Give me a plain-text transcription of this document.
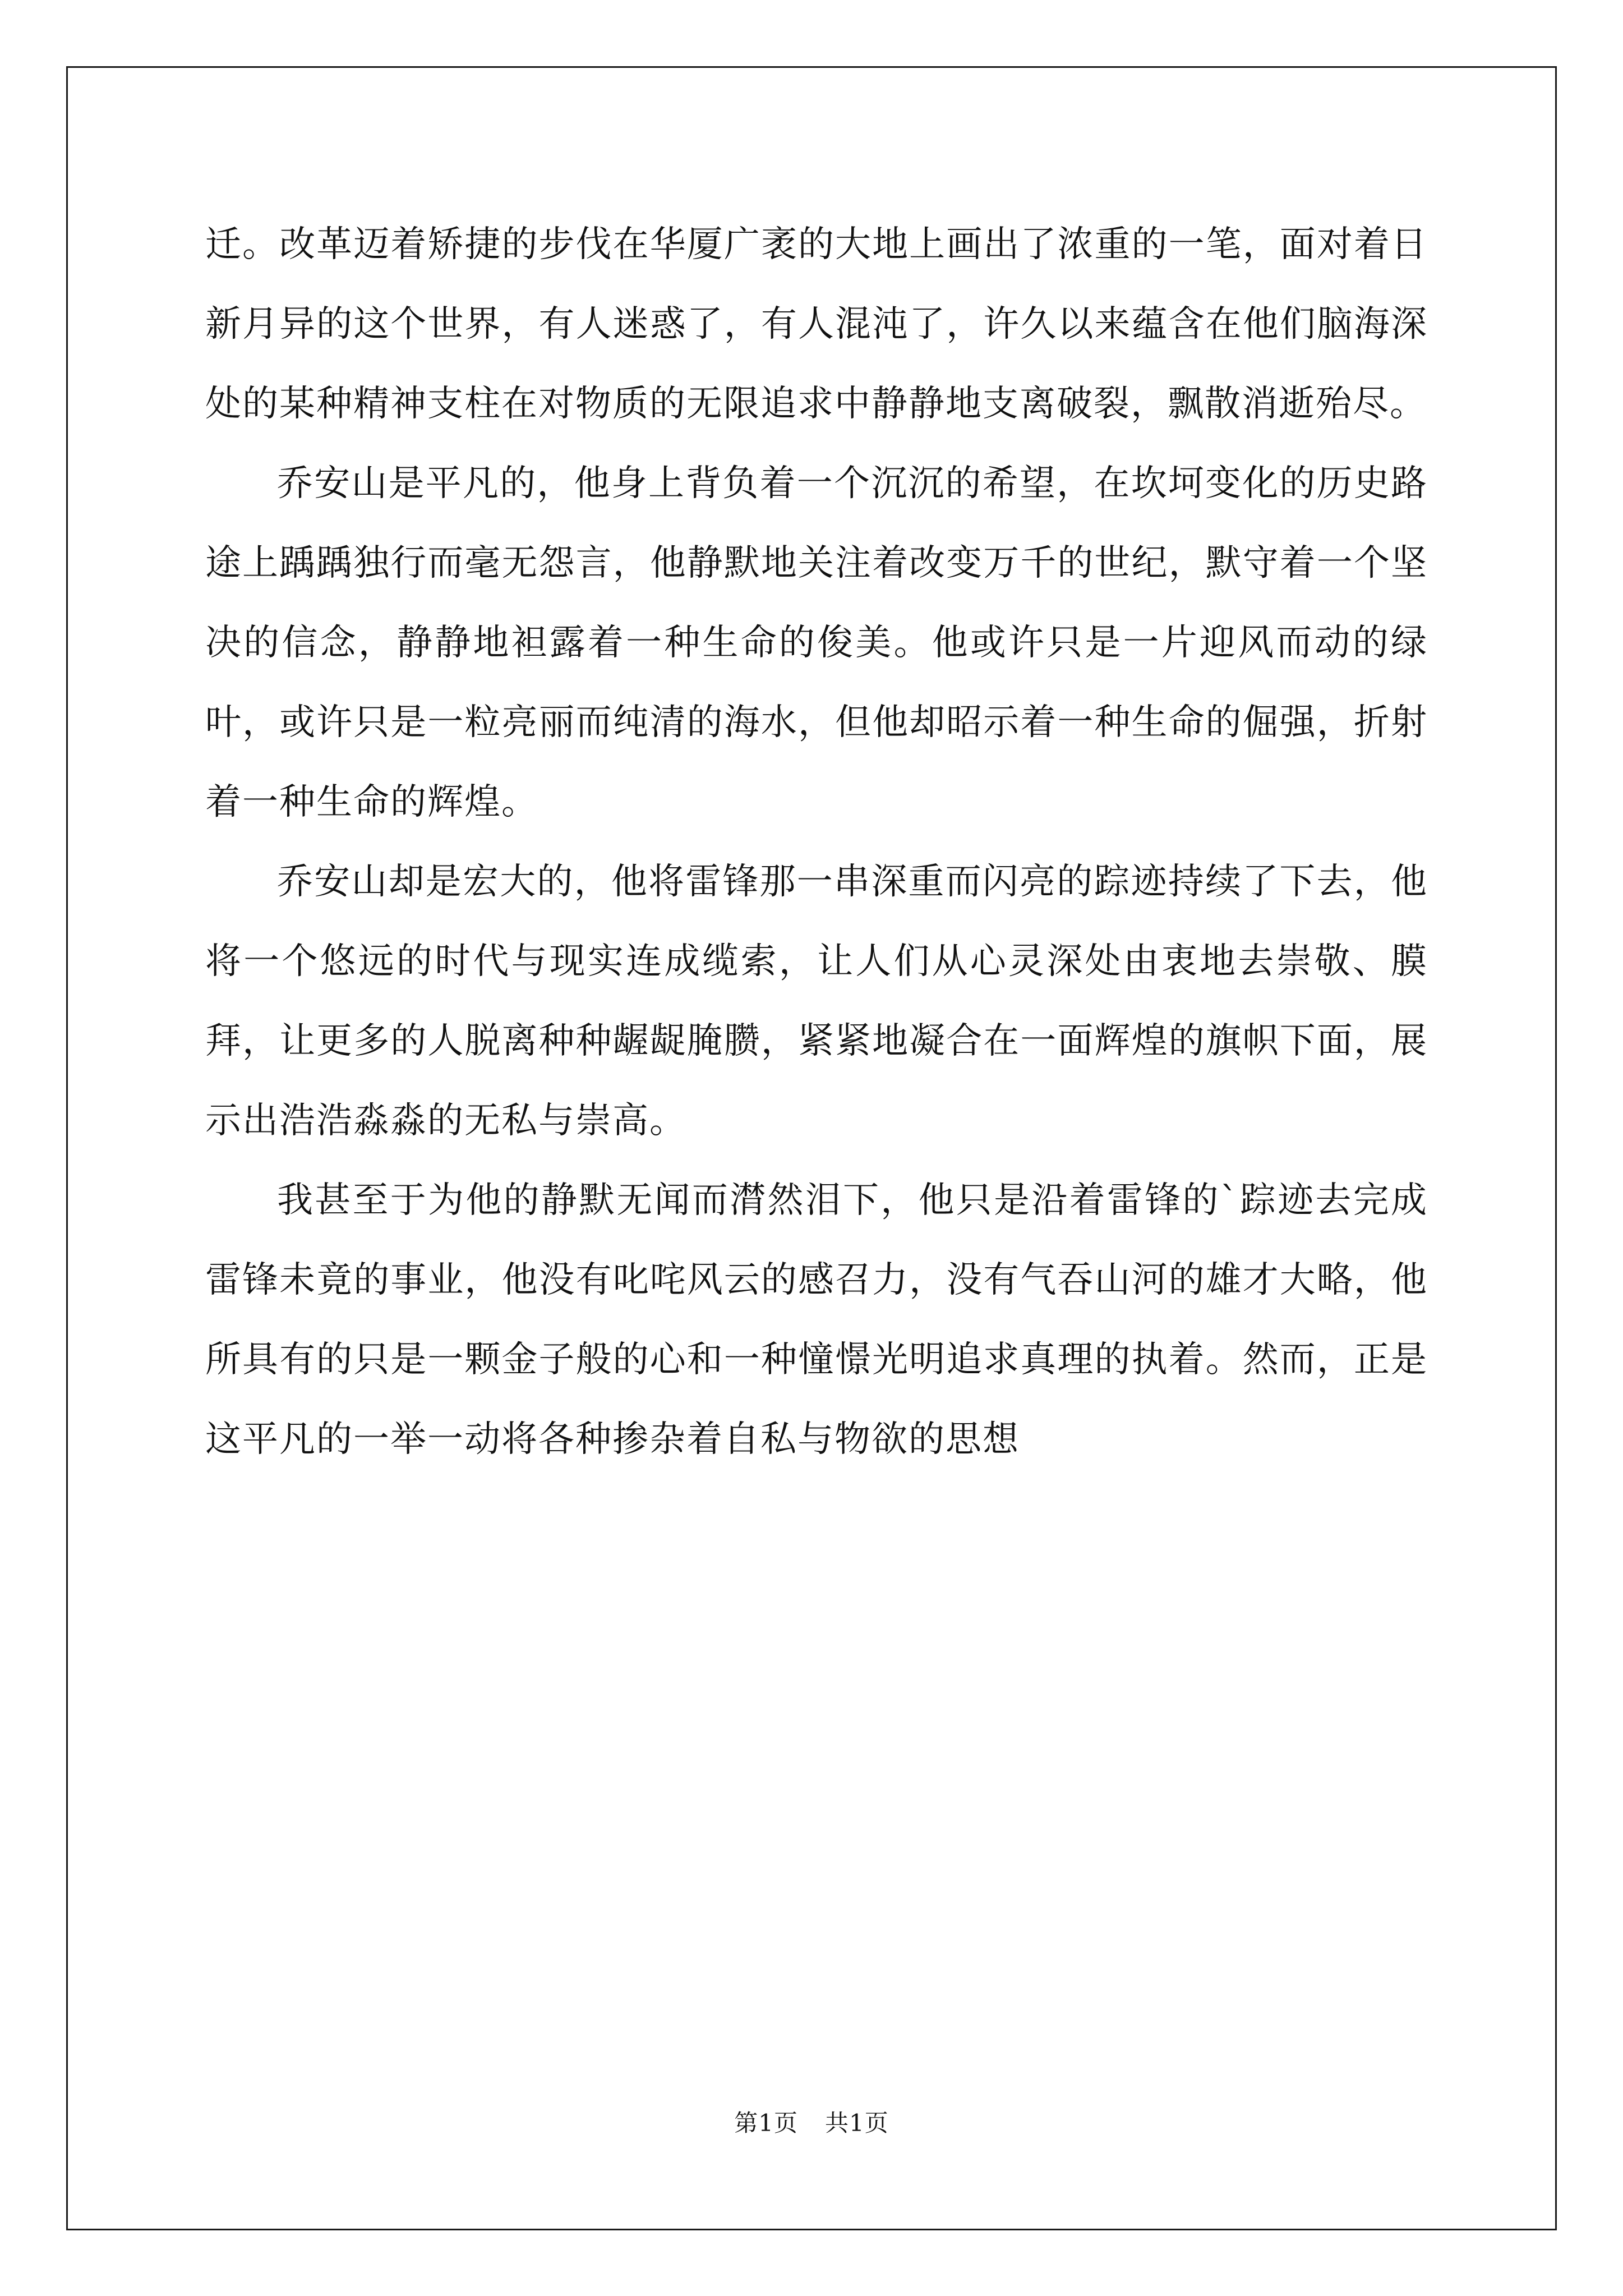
迁。改革迈着矫捷的步伐在华厦广袤的大地上画出了浓重的一笔，面对着日新月异的这个世界，有人迷惑了，有人混沌了，许久以来蕴含在他们脑海深处的某种精神支柱在对物质的无限追求中静静地支离破裂，飘散消逝殆尽。

乔安山是平凡的，他身上背负着一个沉沉的希望，在坎坷变化的历史路途上踽踽独行而毫无怨言，他静默地关注着改变万千的世纪，默守着一个坚决的信念，静静地袒露着一种生命的俊美。他或许只是一片迎风而动的绿叶，或许只是一粒亮丽而纯清的海水，但他却昭示着一种生命的倔强，折射着一种生命的辉煌。

乔安山却是宏大的，他将雷锋那一串深重而闪亮的踪迹持续了下去，他将一个悠远的时代与现实连成缆索，让人们从心灵深处由衷地去崇敬、膜拜，让更多的人脱离种种龌龊腌臜，紧紧地凝合在一面辉煌的旗帜下面，展示出浩浩淼淼的无私与崇高。

我甚至于为他的静默无闻而潸然泪下，他只是沿着雷锋的`踪迹去完成雷锋未竟的事业，他没有叱咤风云的感召力，没有气吞山河的雄才大略，他所具有的只是一颗金子般的心和一种憧憬光明追求真理的执着。然而，正是这平凡的一举一动将各种掺杂着自私与物欲的思想

第1页 共1页
